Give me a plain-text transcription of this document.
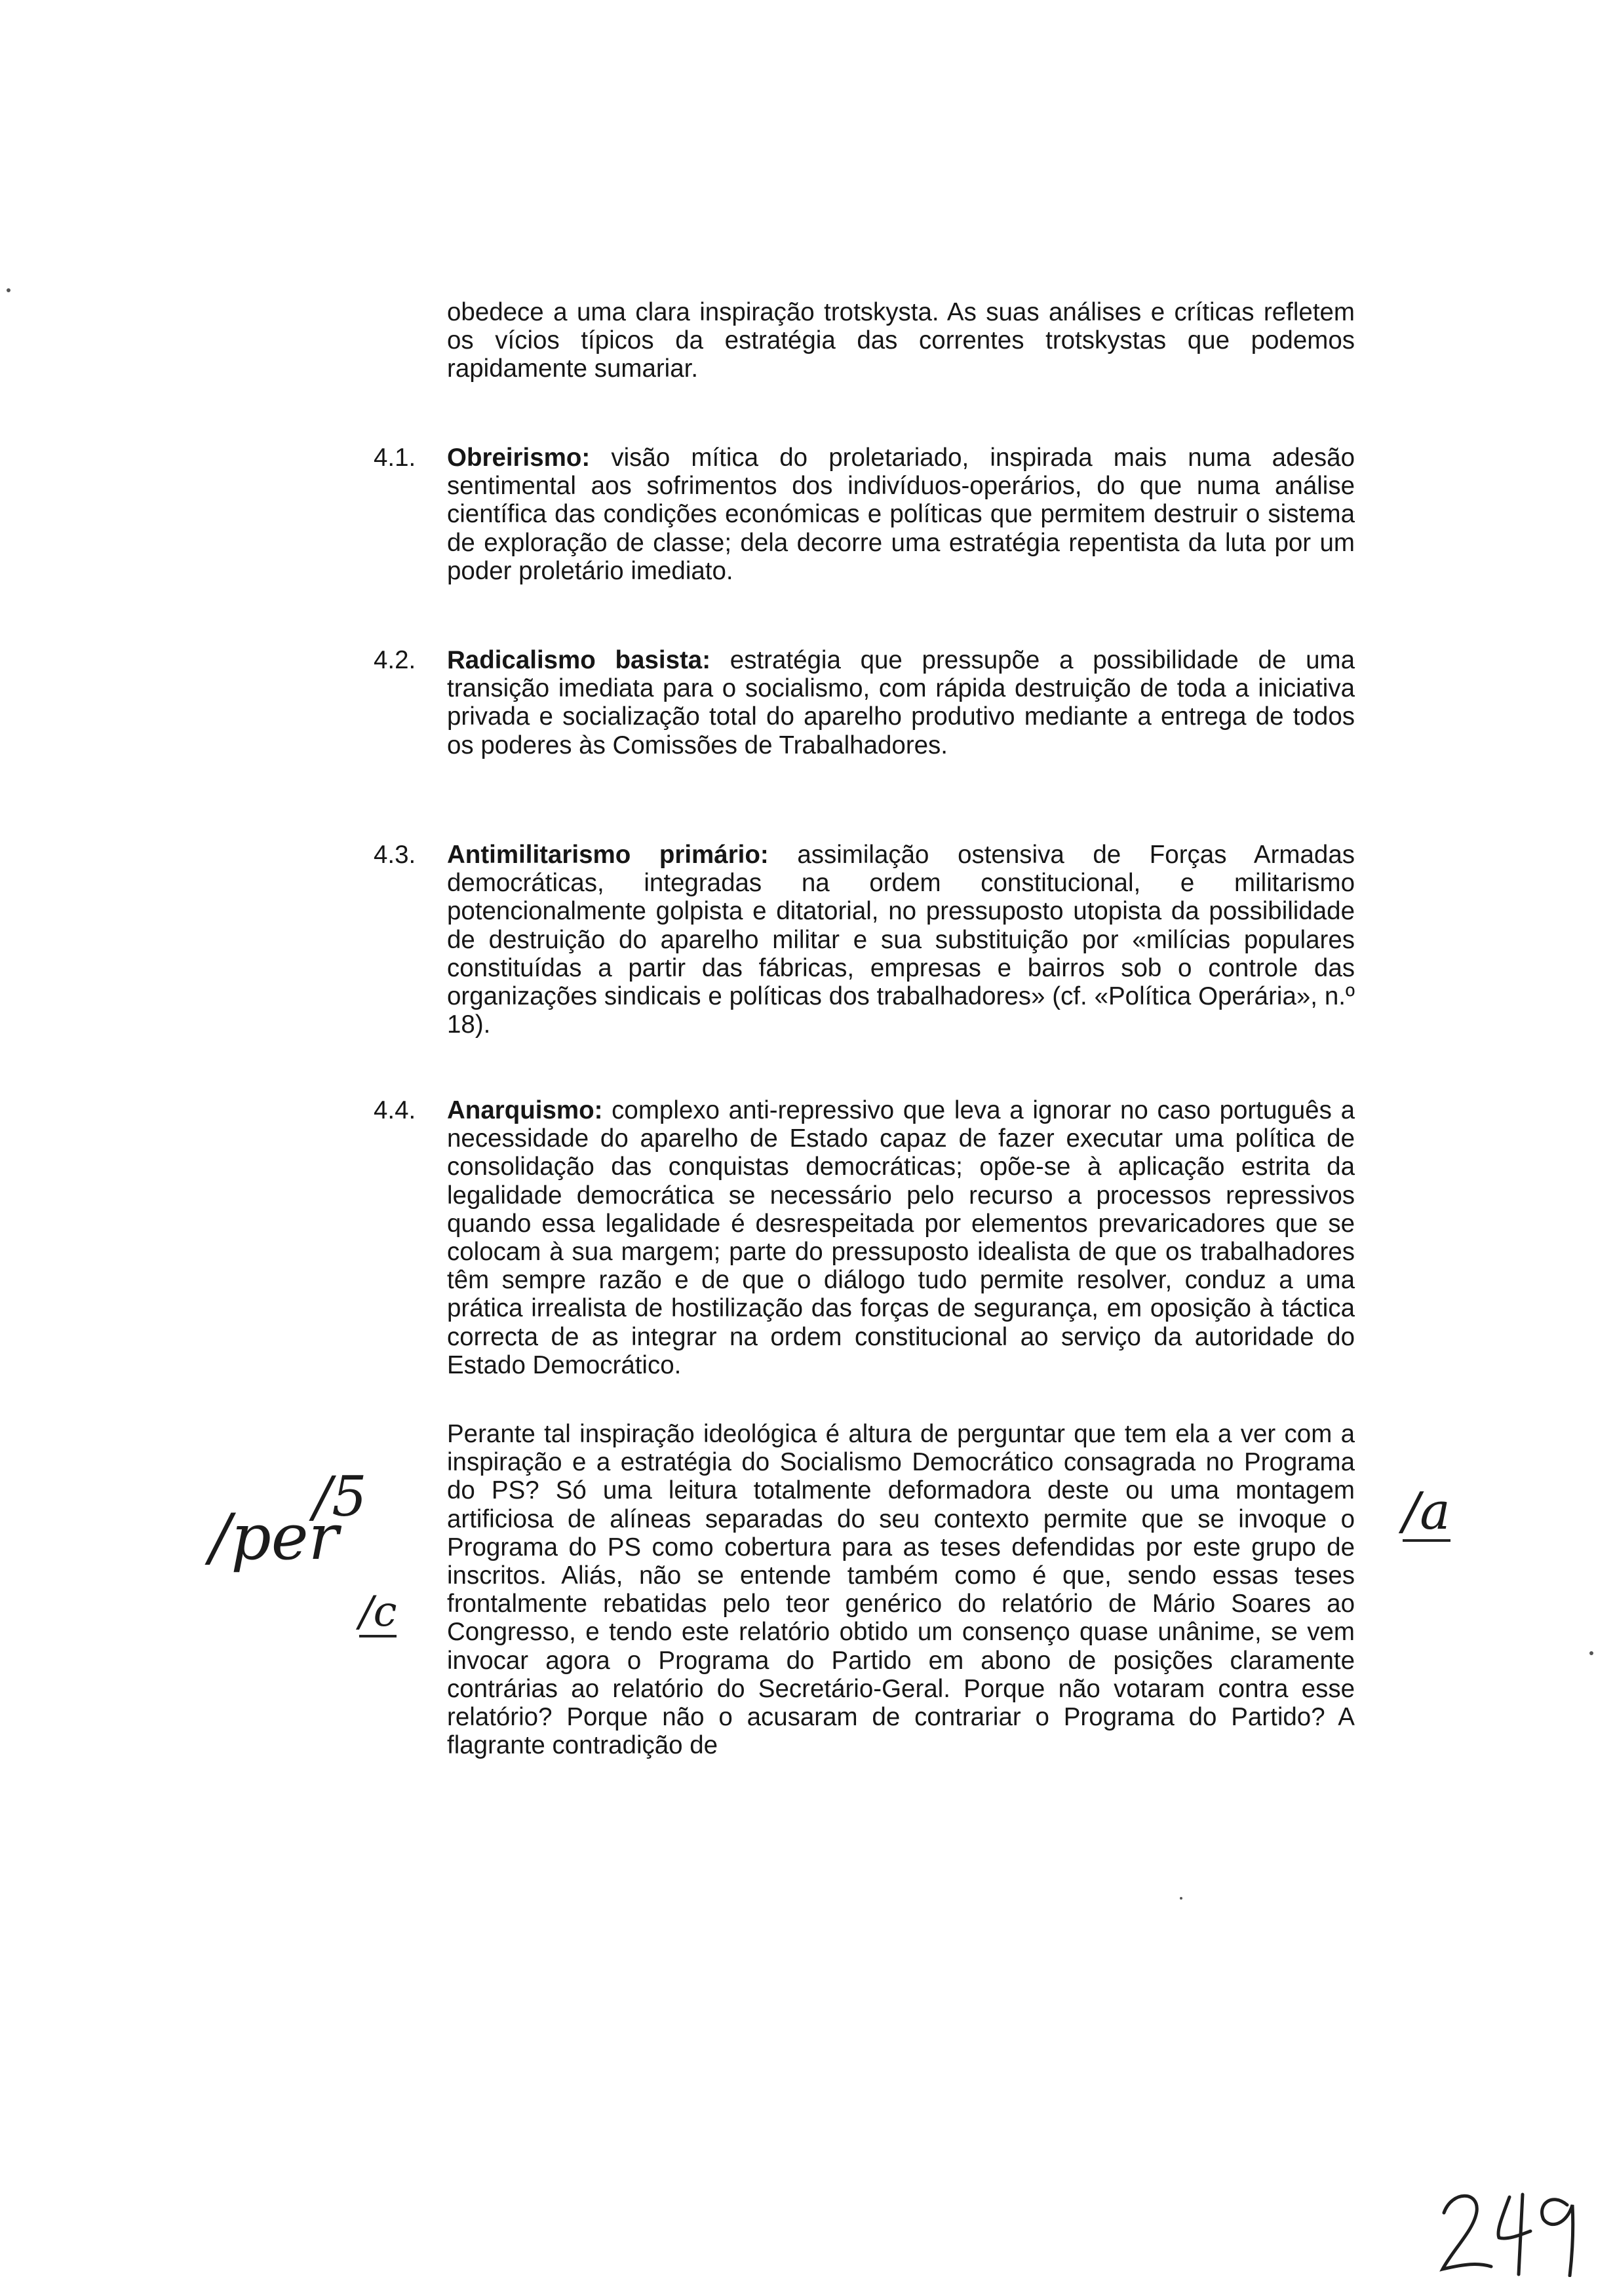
obedece a uma clara inspiração trotskysta. As suas análises e críticas refletem os vícios típicos da estratégia das correntes trotskystas que podemos rapidamente sumariar.

4.1. Obreirismo: visão mítica do proletariado, inspirada mais numa adesão sentimental aos sofrimentos dos indivíduos-operários, do que numa análise científica das condições económicas e políticas que permitem destruir o sistema de exploração de classe; dela decorre uma estratégia repentista da luta por um poder proletário imediato.

4.2. Radicalismo basista: estratégia que pressupõe a possibilidade de uma transição imediata para o socialismo, com rápida destruição de toda a iniciativa privada e socialização total do aparelho produtivo mediante a entrega de todos os poderes às Comissões de Trabalhadores.

4.3. Antimilitarismo primário: assimilação ostensiva de Forças Armadas democráticas, integradas na ordem constitucional, e militarismo potencionalmente golpista e ditatorial, no pressuposto utopista da possibilidade de destruição do aparelho militar e sua substituição por «milícias populares constituídas a partir das fábricas, empresas e bairros sob o controle das organizações sindicais e políticas dos trabalhadores» (cf. «Política Operária», n.º 18).

4.4. Anarquismo: complexo anti-repressivo que leva a ignorar no caso português a necessidade do aparelho de Estado capaz de fazer executar uma política de consolidação das conquistas democráticas; opõe-se à aplicação estrita da legalidade democrática se necessário pelo recurso a processos repressivos quando essa legalidade é desrespeitada por elementos prevaricadores que se colocam à sua margem; parte do pressuposto idealista de que os trabalhadores têm sempre razão e de que o diálogo tudo permite resolver, conduz a uma prática irrealista de hostilização das forças de segurança, em oposição à táctica correcta de as integrar na ordem constitucional ao serviço da autoridade do Estado Democrático.

Perante tal inspiração ideológica é altura de perguntar que tem ela a ver com a inspiração e a estratégia do Socialismo Democrático consagrada no Programa do PS? Só uma leitura totalmente deformadora deste ou uma montagem artificiosa de alíneas separadas do seu contexto permite que se invoque o Programa do PS como cobertura para as teses defendidas por este grupo de inscritos. Aliás, não se entende também como é que, sendo essas teses frontalmente rebatidas pelo teor genérico do relatório de Mário Soares ao Congresso, e tendo este relatório obtido um consenço quase unânime, se vem invocar agora o Programa do Partido em abono de posições claramente contrárias ao relatório do Secretário-Geral. Porque não votaram contra esse relatório? Porque não o acusaram de contrariar o Programa do Partido? A flagrante contradição de

/per
/5
/c
/a
